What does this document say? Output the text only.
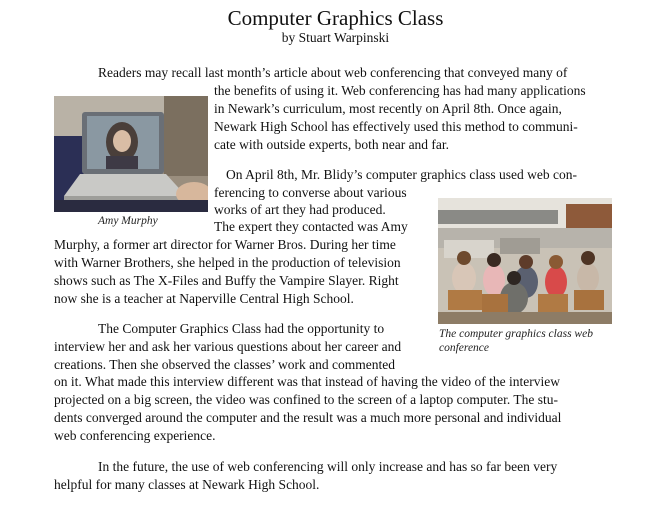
Computer Graphics Class
by Stuart Warpinski
Amy Murphy
The computer graphics class web
conference
Readers may recall last month’s article about web conferencing that conveyed many of
the benefits of using it. Web conferencing has had many applications
in Newark’s curriculum, most recently on April 8th. Once again,
Newark High School has effectively used this method to communi-
cate with outside experts, both near and far.
On April 8th, Mr. Blidy’s computer graphics class used web con-
ferencing to converse about various
works of art they had produced.
The expert they contacted was Amy
Murphy, a former art director for Warner Bros. During her time
with Warner Brothers, she helped in the production of television
shows such as The X-Files and Buffy the Vampire Slayer. Right
now she is a teacher at Naperville Central High School.
The Computer Graphics Class had the opportunity to
interview her and ask her various questions about her career and
creations. Then she observed the classes’ work and commented
on it. What made this interview different was that instead of having the video of the interview
projected on a big screen, the video was confined to the screen of a laptop computer. The stu-
dents converged around the computer and the result was a much more personal and individual
web conferencing experience.
In the future, the use of web conferencing will only increase and has so far been very
helpful for many classes at Newark High School.
